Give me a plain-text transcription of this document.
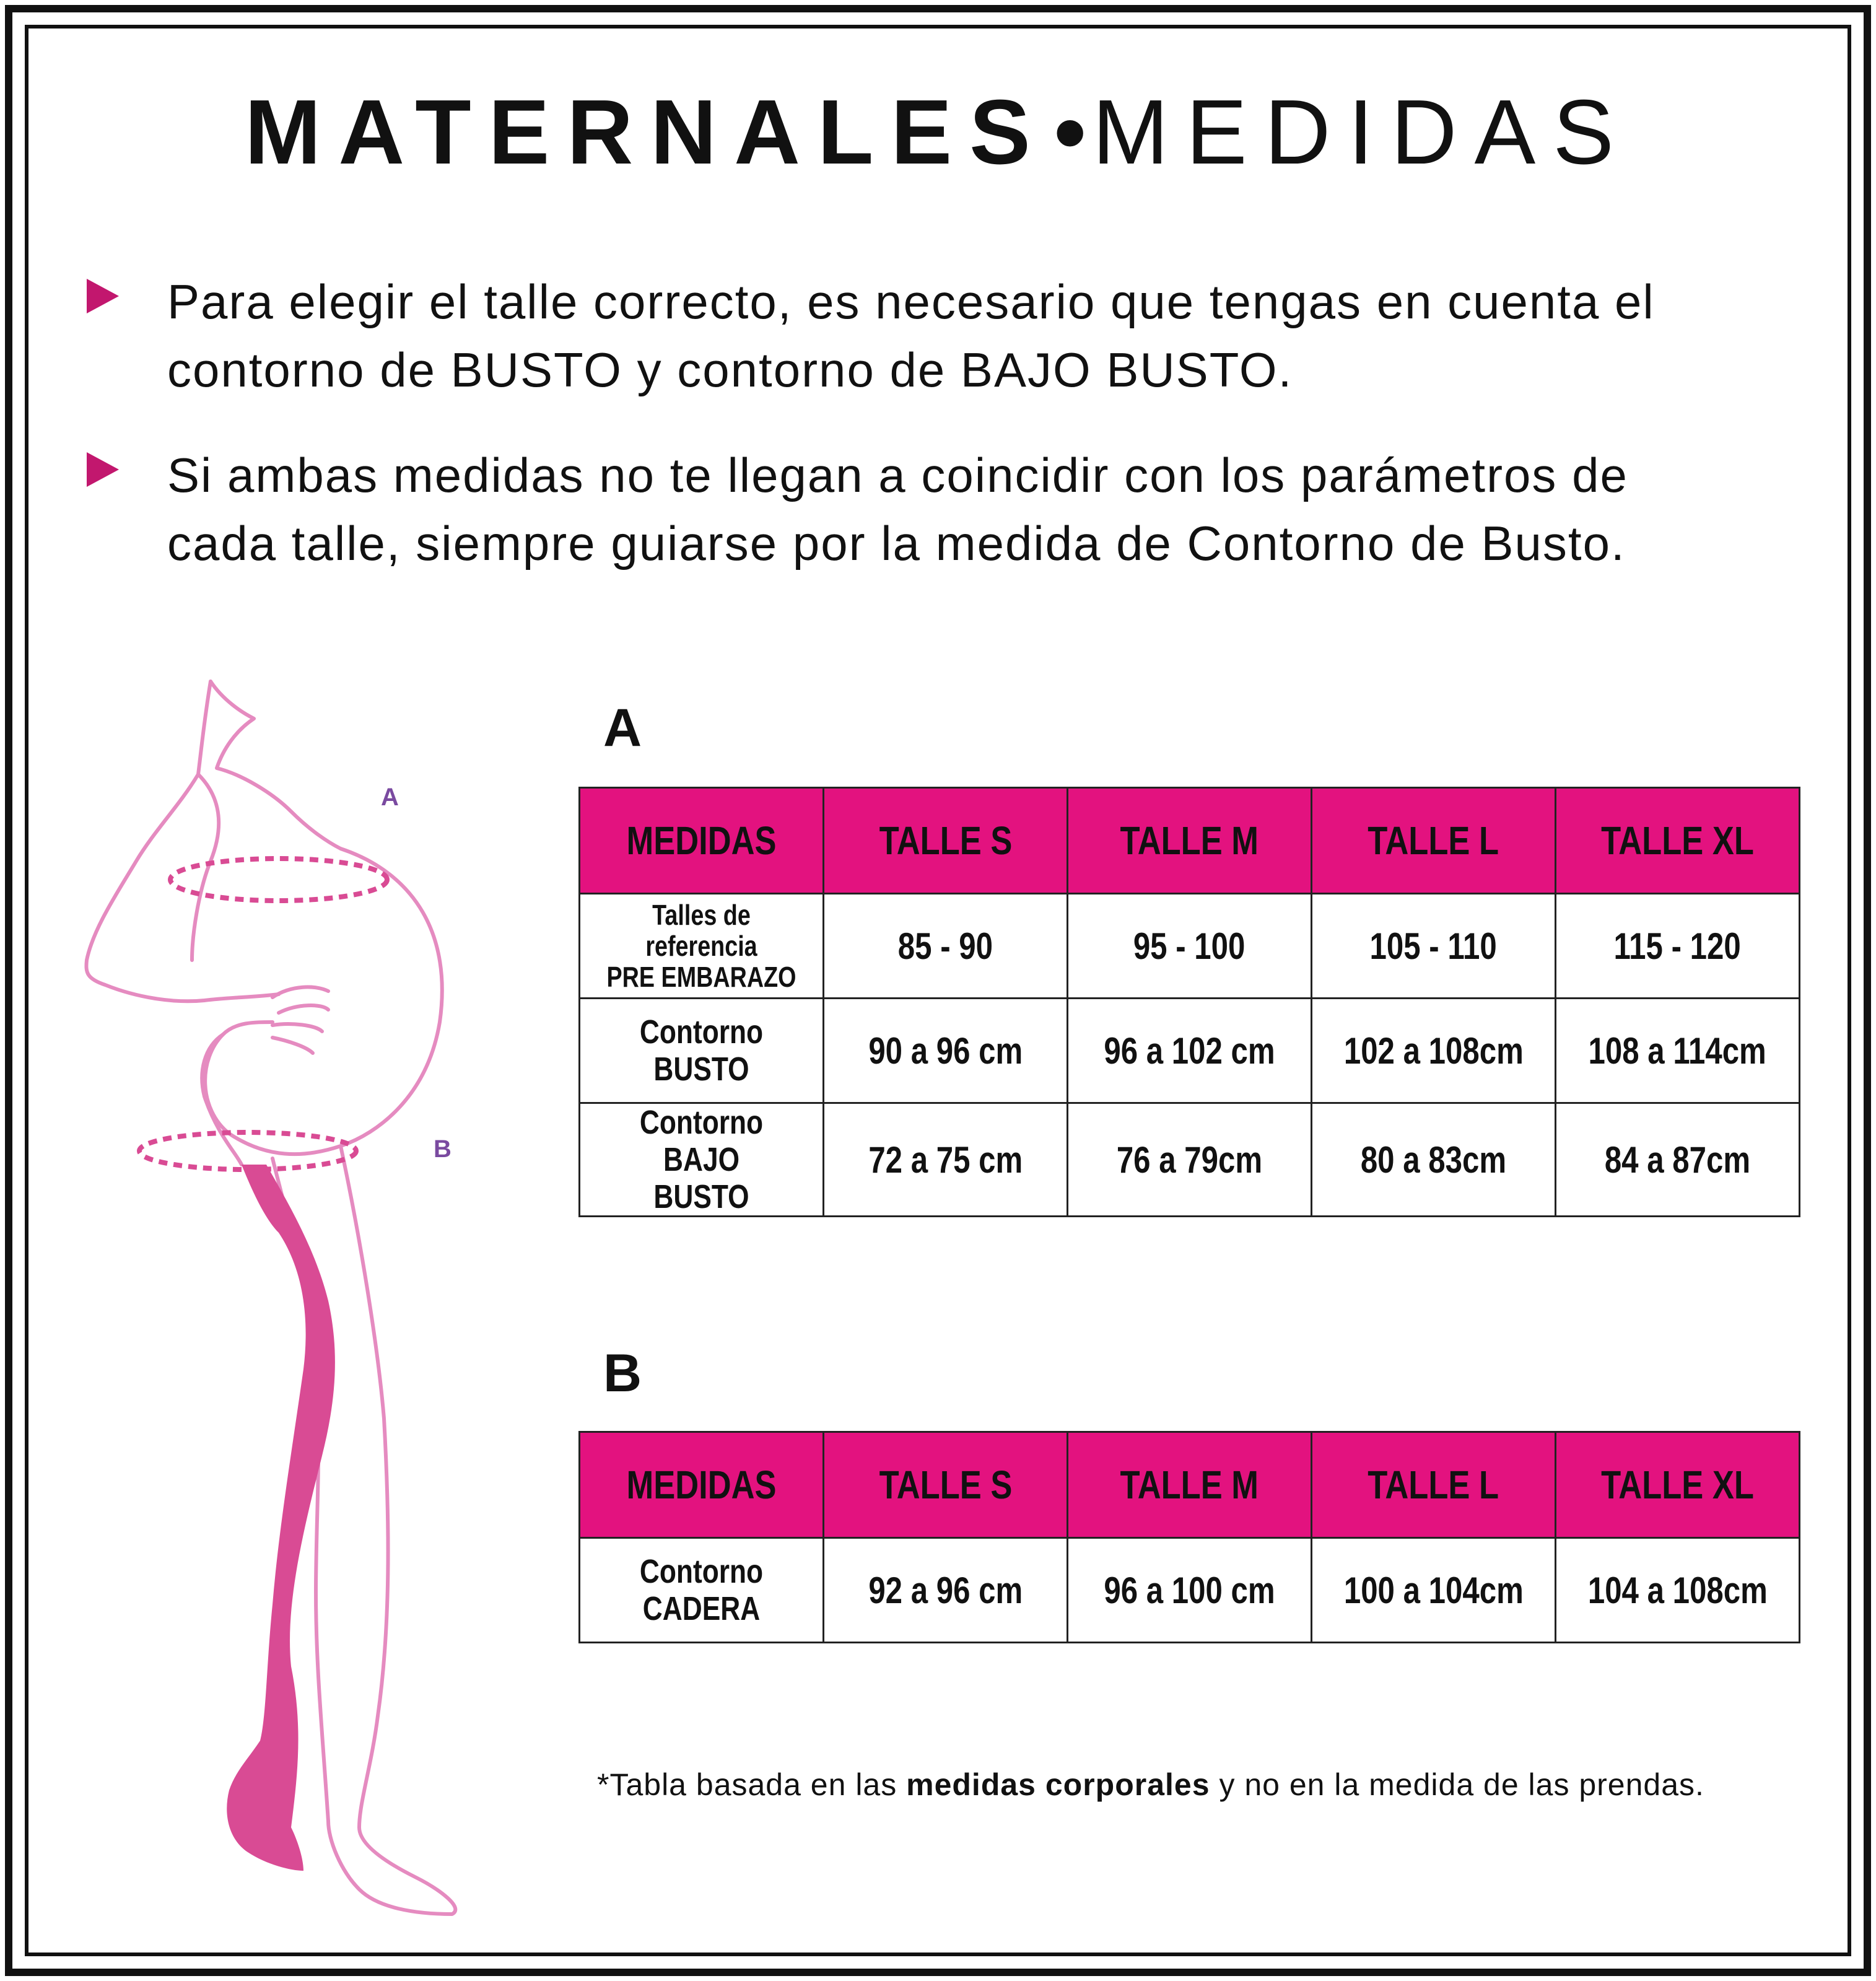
MATERNALES•MEDIDAS
Para elegir el talle correcto, es necesario que tengas en cuenta el
contorno de BUSTO y contorno de BAJO BUSTO.
Si ambas medidas no te llegan a coincidir con los parámetros de
cada talle, siempre guiarse por la medida de Contorno de Busto.
A
B
A
MEDIDAS	TALLE S	TALLE M	TALLE L	TALLE XL
Talles de referencia
PRE EMBARAZO	85 - 90	95 - 100	105 - 110	115 - 120
Contorno BUSTO	90 a 96 cm	96 a 102 cm	102 a 108cm	108 a 114cm
Contorno BAJO
BUSTO	72 a 75 cm	76 a 79cm	80 a 83cm	84 a 87cm
B
MEDIDAS	TALLE S	TALLE M	TALLE L	TALLE XL
Contorno CADERA	92 a 96 cm	96 a 100 cm	100 a 104cm	104 a 108cm
*Tabla basada en las medidas corporales y no en la medida de las prendas.
